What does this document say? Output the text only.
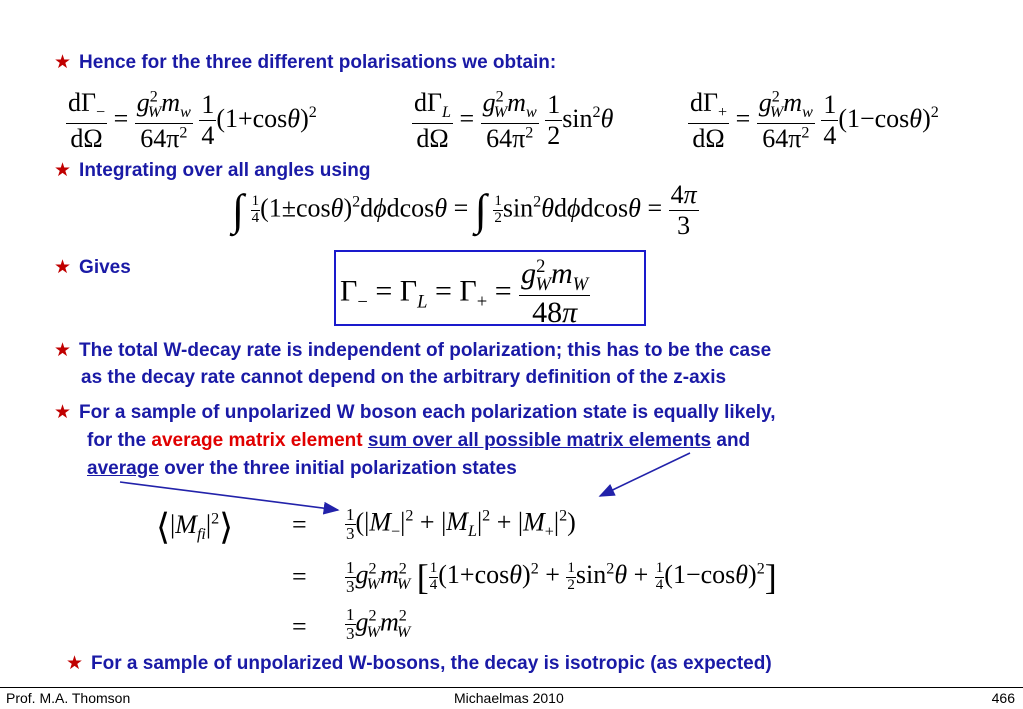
★ Hence for the three different polarisations we obtain:
$\frac{d\Gamma_-}{d\Omega} = \frac{g^2_Wm_w}{64\pi^2}$
$\frac{1}{4} (1+\cos\theta)^2$	$\frac{d\Gamma_L}{d\Omega} = \frac{g^2_Wm_w}{64\pi^2}$
$\frac{1}{2} \sin^2\theta$	$\frac{d\Gamma_+}{d\Omega} = \frac{g^2_Wm_w}{64\pi^2}$
$\frac{1}{4} (1-\cos\theta)^2$
★ Integrating over all angles using
∫ $\frac{1}{4} (1\pm\cos\theta)^2d\phi dcos\theta$ = ∫ $\frac{1}{2} \sin^2\theta d\phi dcos\theta = \frac{4\pi}{3}$
★ Gives
$\Gamma_- = \Gamma_L = \Gamma_+ = \frac{g^2_Wm_W}{48\pi}$
★ The total W-decay rate is independent of polarization; this has to be the case
as the decay rate cannot depend on the arbitrary definition of the z-axis
★ For a sample of unpolarized W boson each polarization state is equally likely,
for the average matrix element sum over all possible matrix elements and
average over the three initial polarization states
$⟨|M_{fi}|^2⟩ = \frac{1}{3} (|M_-|^2 + |M_L|^2 + |M_+|^2)$
= $\frac{1}{3} g^2_Wm^2_W$ [ $\frac{1}{4} (1+\cos\theta)^2 + \frac{1}{2} \sin^2\theta + \frac{1}{4} (1-\cos\theta)^2$]
= $\frac{1}{3} g^2_Wm^2_W$
★ For a sample of unpolarized W-bosons, the decay is isotropic (as expected)
Prof. M.A. Thomson	Michaelmas 2010	466
